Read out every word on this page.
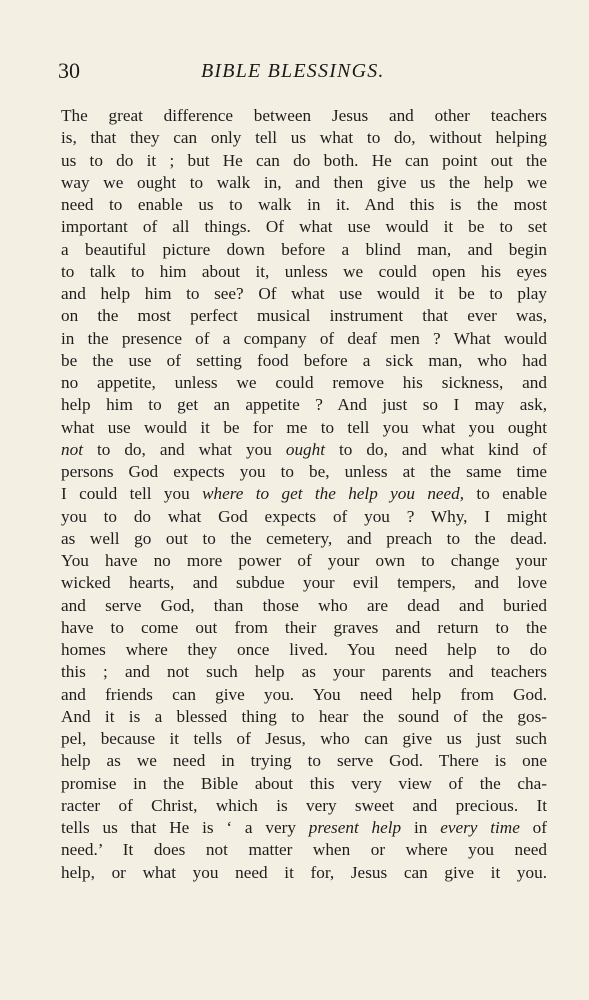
30	BIBLE BLESSINGS.
The great difference between Jesus and other teachers
is, that they can only tell us what to do, without helping
us to do it ; but He can do both. He can point out the
way we ought to walk in, and then give us the help we
need to enable us to walk in it. And this is the most
important of all things. Of what use would it be to set
a beautiful picture down before a blind man, and begin
to talk to him about it, unless we could open his eyes
and help him to see? Of what use would it be to play
on the most perfect musical instrument that ever was,
in the presence of a company of deaf men ? What would
be the use of setting food before a sick man, who had
no appetite, unless we could remove his sickness, and
help him to get an appetite ? And just so I may ask,
what use would it be for me to tell you what you ought
not to do, and what you ought to do, and what kind of
persons God expects you to be, unless at the same time
I could tell you where to get the help you need, to enable
you to do what God expects of you ? Why, I might
as well go out to the cemetery, and preach to the dead.
You have no more power of your own to change your
wicked hearts, and subdue your evil tempers, and love
and serve God, than those who are dead and buried
have to come out from their graves and return to the
homes where they once lived. You need help to do
this ; and not such help as your parents and teachers
and friends can give you. You need help from God.
And it is a blessed thing to hear the sound of the gos-
pel, because it tells of Jesus, who can give us just such
help as we need in trying to serve God. There is one
promise in the Bible about this very view of the cha-
racter of Christ, which is very sweet and precious. It
tells us that He is ‘ a very present help in every time of
need.’ It does not matter when or where you need
help, or what you need it for, Jesus can give it you.
